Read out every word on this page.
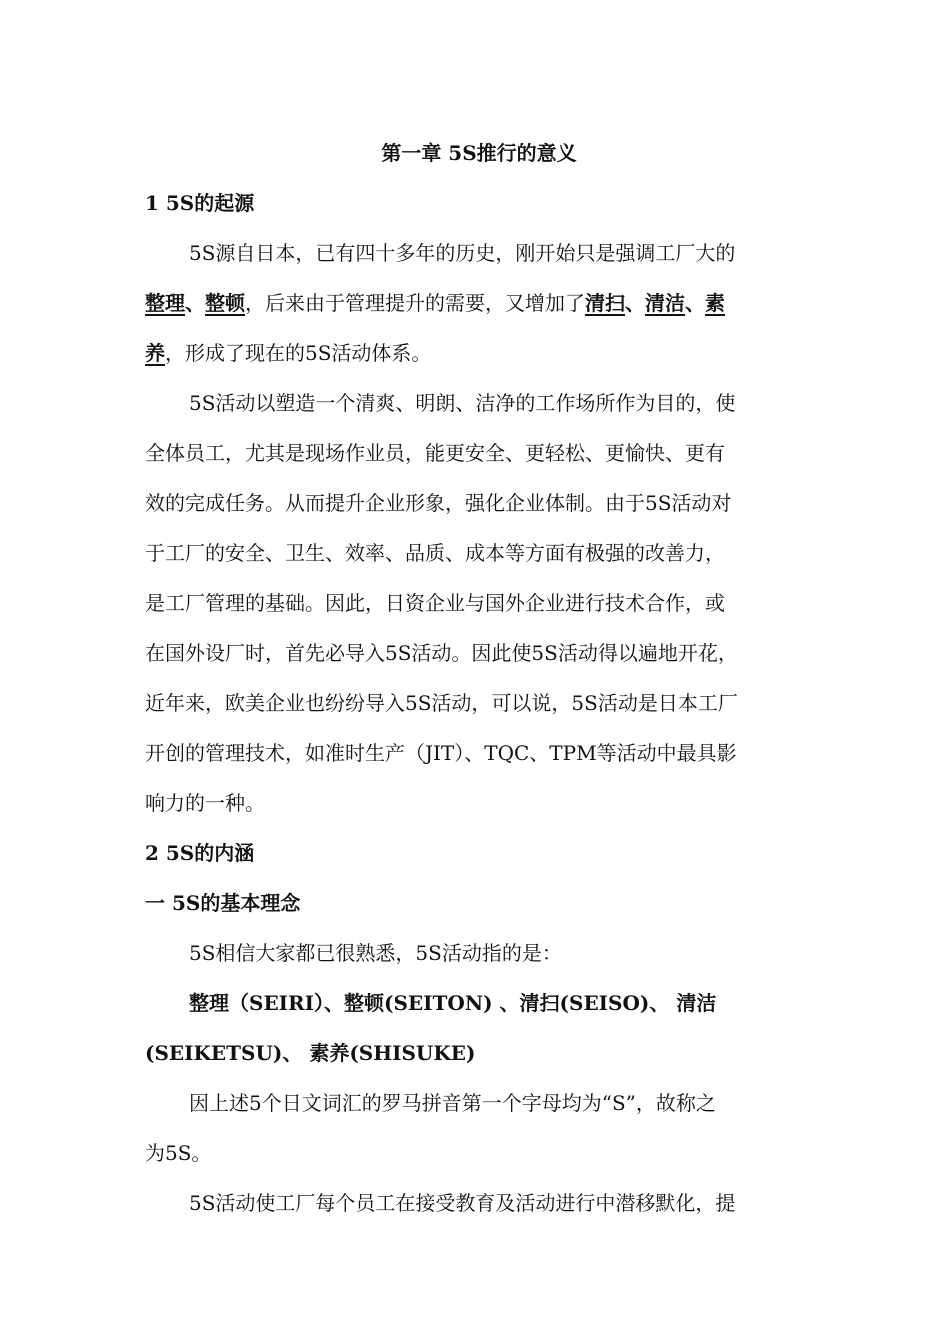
第一章 5S推行的意义
1 5S的起源
5S源自日本，已有四十多年的历史，刚开始只是强调工厂大的
整理、整顿，后来由于管理提升的需要，又增加了清扫、清洁、素
养，形成了现在的5S活动体系。
5S活动以塑造一个清爽、明朗、洁净的工作场所作为目的，使
全体员工，尤其是现场作业员，能更安全、更轻松、更愉快、更有
效的完成任务。从而提升企业形象，强化企业体制。由于5S活动对
于工厂的安全、卫生、效率、品质、成本等方面有极强的改善力，
是工厂管理的基础。因此，日资企业与国外企业进行技术合作，或
在国外设厂时，首先必导入5S活动。因此使5S活动得以遍地开花，
近年来，欧美企业也纷纷导入5S活动，可以说，5S活动是日本工厂
开创的管理技术，如准时生产（JIT）、TQC、TPM等活动中最具影
响力的一种。
2 5S的内涵
一 5S的基本理念
5S相信大家都已很熟悉，5S活动指的是：
整理（SEIRI）、整顿(SEITON) 、清扫(SEISO)、 清洁
(SEIKETSU)、 素养(SHISUKE)
因上述5个日文词汇的罗马拼音第一个字母均为“S”，故称之
为5S。
5S活动使工厂每个员工在接受教育及活动进行中潜移默化，提
